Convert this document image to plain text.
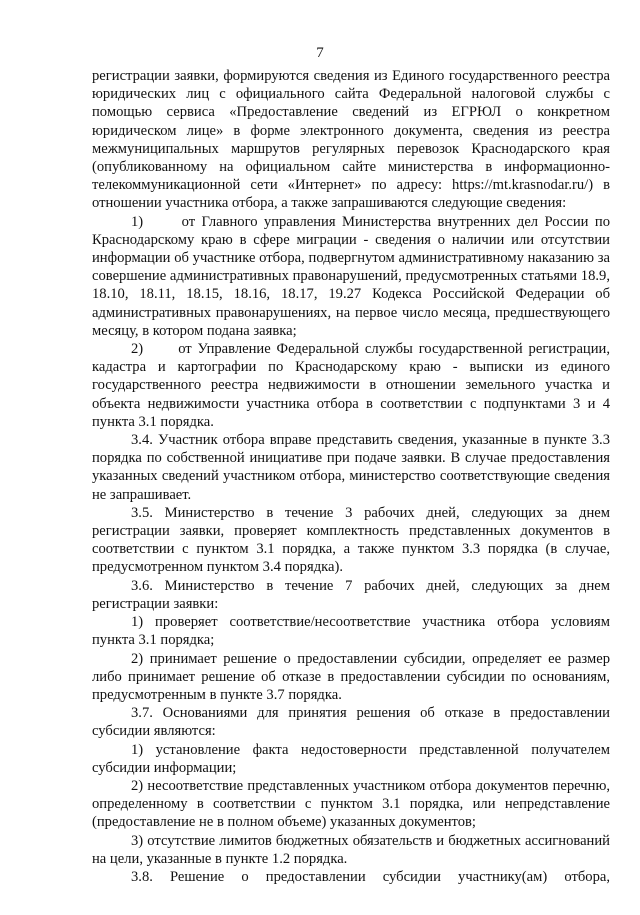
7

регистрации заявки, формируются сведения из Единого государственного реестра юридических лиц с официального сайта Федеральной налоговой службы с помощью сервиса «Предоставление сведений из ЕГРЮЛ о конкретном юридическом лице» в форме электронного документа, сведения из реестра межмуниципальных маршрутов регулярных перевозок Краснодарского края (опубликованному на официальном сайте министерства в информационно-телекоммуникационной сети «Интернет» по адресу: https://mt.krasnodar.ru/) в отношении участника отбора, а также запрашиваются следующие сведения:

1)      от Главного управления Министерства внутренних дел России по Краснодарскому краю в сфере миграции - сведения о наличии или отсутствии информации об участнике отбора, подвергнутом административному наказанию за совершение административных правонарушений, предусмотренных статьями 18.9, 18.10, 18.11, 18.15, 18.16, 18.17, 19.27 Кодекса Российской Федерации об административных правонарушениях, на первое число месяца, предшествующего месяцу, в котором подана заявка;

2)      от Управление Федеральной службы государственной регистрации, кадастра и картографии по Краснодарскому краю - выписки из единого государственного реестра недвижимости в отношении земельного участка и объекта недвижимости участника отбора в соответствии с подпунктами 3 и 4 пункта 3.1 порядка.

3.4. Участник отбора вправе представить сведения, указанные в пункте 3.3 порядка по собственной инициативе при подаче заявки. В случае предоставления указанных сведений участником отбора, министерство соответствующие сведения не запрашивает.

3.5. Министерство в течение 3 рабочих дней, следующих за днем регистрации заявки, проверяет комплектность представленных документов в соответствии с пунктом 3.1 порядка, а также пунктом 3.3 порядка (в случае, предусмотренном пунктом 3.4 порядка).

3.6. Министерство в течение 7 рабочих дней, следующих за днем регистрации заявки:

1) проверяет соответствие/несоответствие участника отбора условиям пункта 3.1 порядка;

2) принимает решение о предоставлении субсидии, определяет ее размер либо принимает решение об отказе в предоставлении субсидии по основаниям, предусмотренным в пункте 3.7 порядка.

3.7. Основаниями для принятия решения об отказе в предоставлении субсидии являются:

1) установление факта недостоверности представленной получателем субсидии информации;

2) несоответствие представленных участником отбора документов перечню, определенному в соответствии с пунктом 3.1 порядка, или непредставление (предоставление не в полном объеме) указанных документов;

3) отсутствие лимитов бюджетных обязательств и бюджетных ассигнований на цели, указанные в пункте 1.2 порядка.

3.8. Решение о предоставлении субсидии участнику(ам) отбора,
